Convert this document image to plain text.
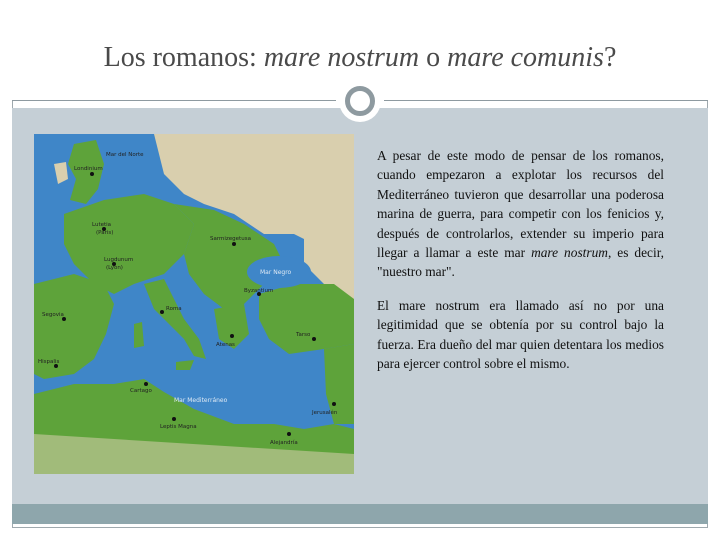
Los romanos: mare nostrum o mare comunis?
Mar del Norte
Londinium
Lutetia
(Paris)
Lugdunum
(Lyon)
Sarmizegetusa
Byzantium
Segovia
Roma
Hispalis
Cartago
Atenas
Tarso
Leptis Magna
Alejandría
Jerusalén
Mar Mediterráneo
Mar Negro

A pesar de este modo de pensar de los romanos, cuando empezaron a explotar los recursos del Mediterráneo tuvieron que desarrollar una poderosa marina de guerra, para competir con los fenicios y, después de controlarlos, extender su imperio para llegar a llamar a este mar mare nostrum, es decir, "nuestro mar".

El mare nostrum era llamado así no por una legitimidad que se obtenía por su control bajo la fuerza. Era dueño del mar quien detentara los medios para ejercer control sobre el mismo.
